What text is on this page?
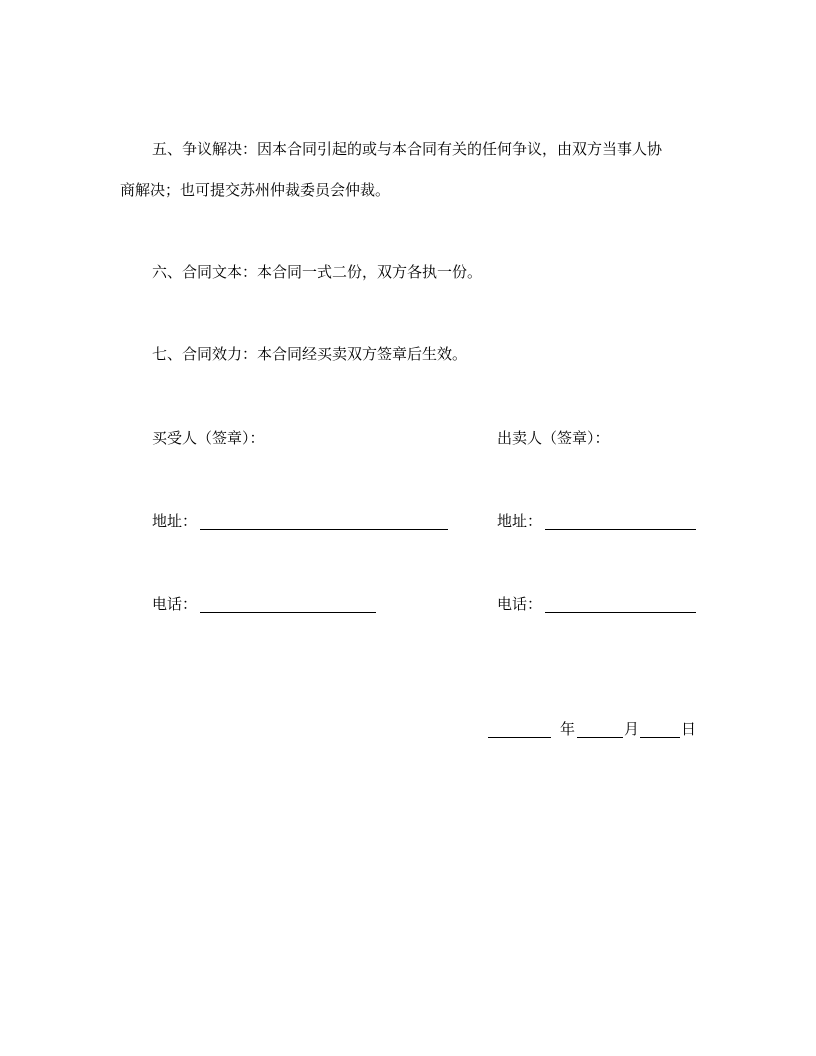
五、争议解决：因本合同引起的或与本合同有关的任何争议，由双方当事人协
商解决；也可提交苏州仲裁委员会仲裁。
六、合同文本：本合同一式二份，双方各执一份。
七、合同效力：本合同经买卖双方签章后生效。
买受人（签章）：
地址：
电话：
出卖人（签章）：
地址：
电话：
年	月	日
